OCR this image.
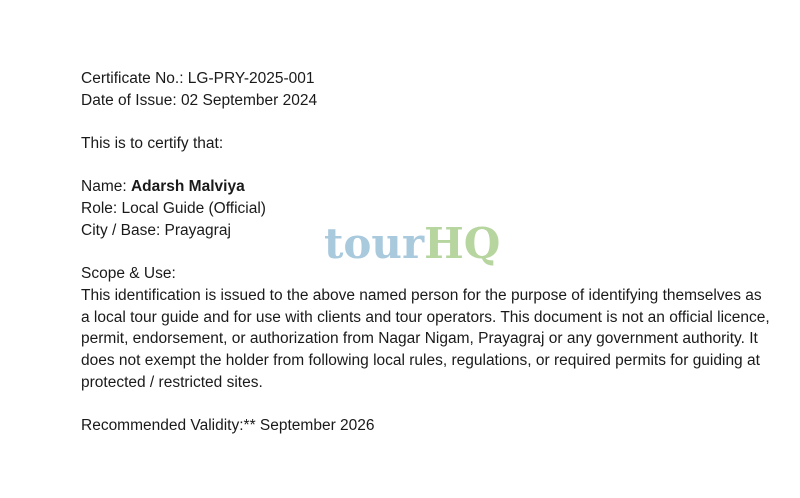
Certificate No.: LG-PRY-2025-001
Date of Issue: 02 September 2024
This is to certify that:
Name: Adarsh Malviya
Role: Local Guide (Official)
City / Base: Prayagraj
Scope & Use:
This identification is issued to the above named person for the purpose of identifying themselves as a local tour guide and for use with clients and tour operators. This document is not an official licence, permit, endorsement, or authorization from Nagar Nigam, Prayagraj or any government authority. It does not exempt the holder from following local rules, regulations, or required permits for guiding at protected / restricted sites.
Recommended Validity:** September 2026
tourHQ
